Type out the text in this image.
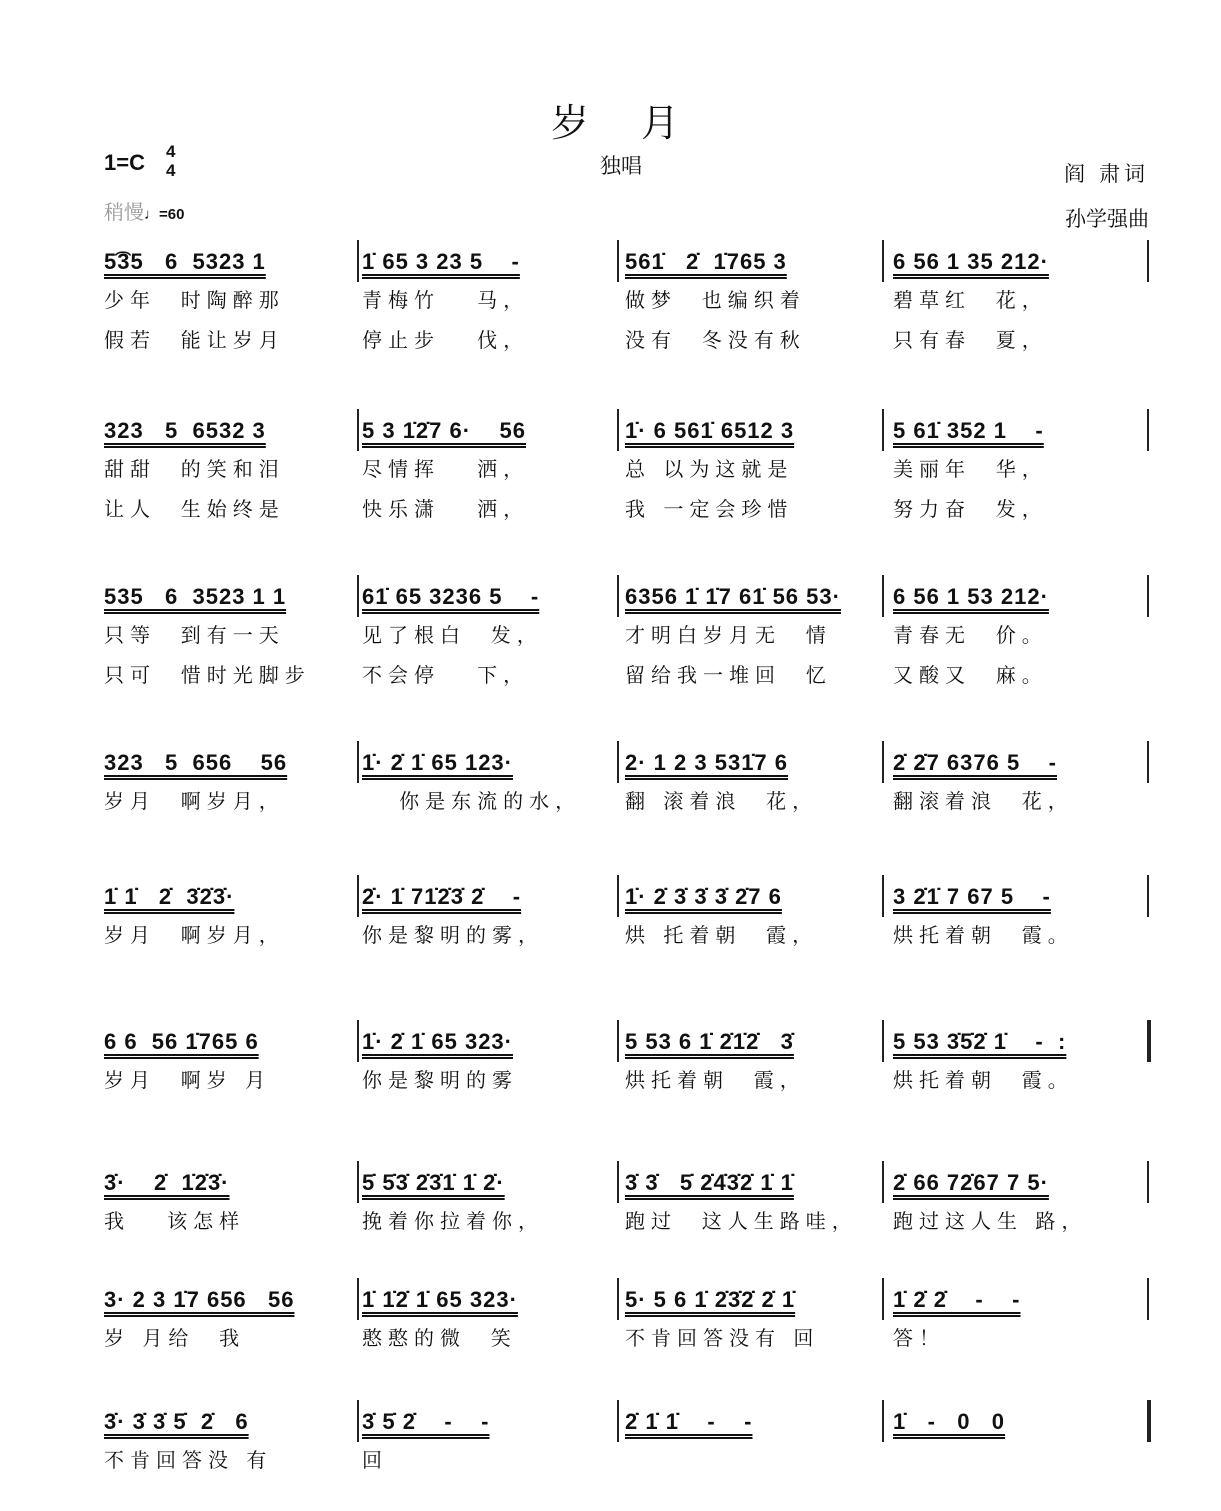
岁 月
1=C 4
4
稍慢♩=60
独唱	阎 肃词
孙学强曲
5͡35   6  5323 1
少年  时陶醉那
假若  能让岁月
1̇ 65 3 23 5    -
青梅竹   马，
停止步   伐，
561̇   2̇  1̇765 3
做梦  也编织着
没有  冬没有秋
6 56 1 35 212·
碧草红  花，
只有春  夏，
323   5  6532 3
甜甜  的笑和泪
让人  生始终是
5 3 1̇2̇7 6·    56
尽情挥   洒，
快乐潇   洒，
1̇· 6 561̇ 6512 3
总 以为这就是
我 一定会珍惜
5 61̇ 352 1    -
美丽年  华，
努力奋  发，
535   6  3523 1 1
只等  到有一天
只可  惜时光脚步
61̇ 65 3236 5    -
见了根白  发，
不会停   下，
6356 1̇ 1̇7 61̇ 56 53·
才明白岁月无  情
留给我一堆回  忆
6 56 1 53 212·
青春无  价。
又酸又  麻。
323   5  656    56
岁月  啊岁月，
1̇· 2̇ 1̇ 65 123·
你是东流的水，
2· 1 2 3 531̇7 6
翻 滚着浪  花，
2̇ 2̇7 6376 5    -
翻滚着浪  花，
1̇ 1̇   2̇  3̇2̇3̇·
岁月  啊岁月，
2̇· 1̇ 71̇2̇3̇ 2̇    -
你是黎明的雾，
1̇· 2̇ 3̇ 3̇ 3̇ 2̇7 6
烘 托着朝  霞，
3 2̇1̇ 7 67 5    -
烘托着朝  霞。
6 6  56 1̇765 6
岁月  啊岁 月
1̇· 2̇ 1̇ 65 323·
你是黎明的雾
5 53 6 1̇ 2̇1̇2̇   3̇
烘托着朝  霞，
5 53 3̇5̇2̇ 1̇    -  :
烘托着朝  霞。
3̇·    2̇  1̇2̇3̇·
我   该怎样
5̇ 5̇3̇ 2̇3̇1̇ 1̇ 2̇·
挽着你拉着你，
3̇ 3̇   5̇ 2̇4̇3̇2̇ 1̇ 1̇
跑过  这人生路哇，
2̇ 66 72̇67 7 5·
跑过这人生 路，
3· 2 3 1̇7 656   56
岁 月给  我
1̇ 1̇2̇ 1̇ 65 323·
憨憨的微  笑
5· 5 6 1̇ 2̇3̇2̇ 2̇ 1̇
不肯回答没有 回
1̇ 2̇ 2̇    -    -
答！
3̇· 3̇ 3̇ 5̇  2̇   6
不肯回答没 有
3̇ 5̇ 2̇    -    -
回
2̇ 1̇ 1̇    -    -	1̇   -   0   0
